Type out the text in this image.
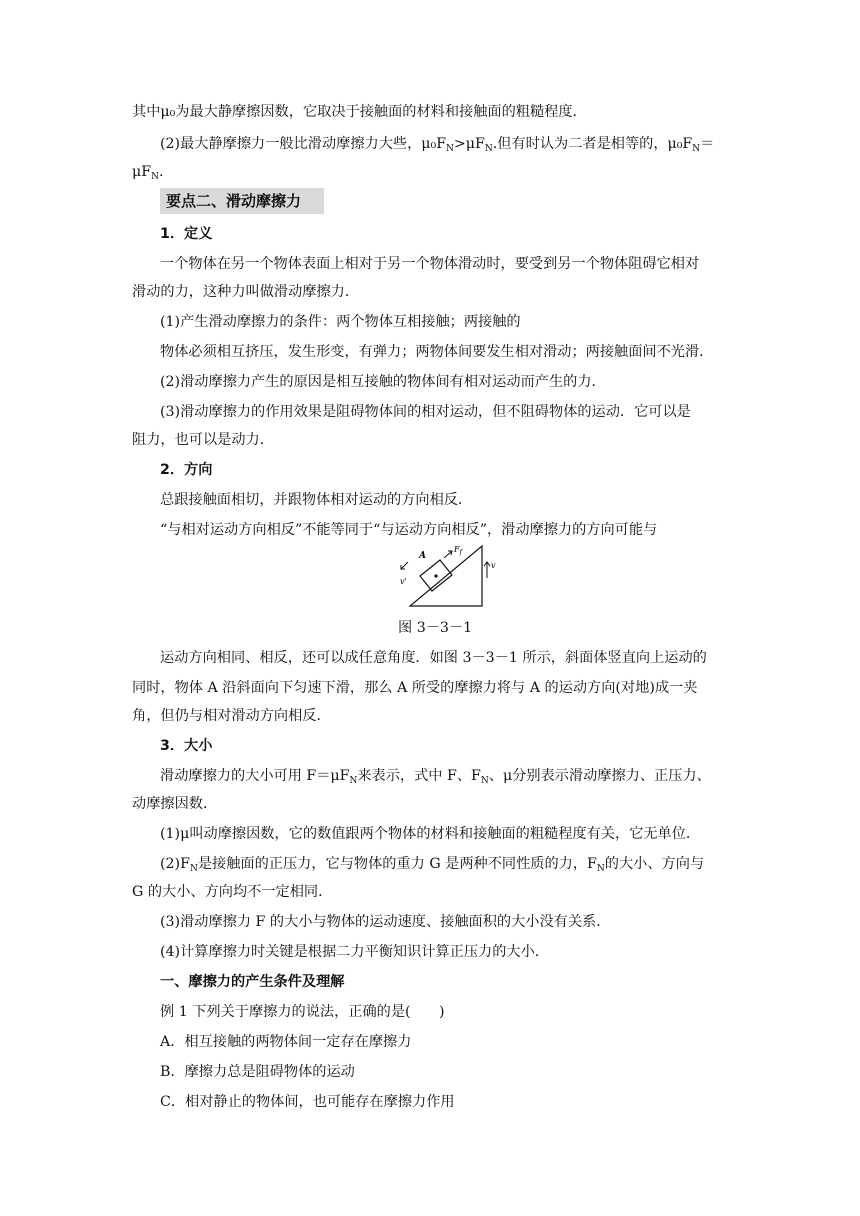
其中μ₀为最大静摩擦因数，它取决于接触面的材料和接触面的粗糙程度．
(2)最大静摩擦力一般比滑动摩擦力大些，$\mu_0F_N>\mu F_N$.但有时认为二者是相等的，$\mu_0F_N=$
$\mu F_N$.
要点二、滑动摩擦力
1．定义
一个物体在另一个物体表面上相对于另一个物体滑动时，要受到另一个物体阻碍它相对
滑动的力，这种力叫做滑动摩擦力．
(1)产生滑动摩擦力的条件：两个物体互相接触；两接触的
物体必须相互挤压，发生形变，有弹力；两物体间要发生相对滑动；两接触面间不光滑．
(2)滑动摩擦力产生的原因是相互接触的物体间有相对运动而产生的力．
(3)滑动摩擦力的作用效果是阻碍物体间的相对运动，但不阻碍物体的运动．它可以是
阻力，也可以是动力．
2．方向
总跟接触面相切，并跟物体相对运动的方向相反．
“与相对运动方向相反”不能等同于“与运动方向相反”，滑动摩擦力的方向可能与
A
$F_f$
v
v'
图 3－3－1
运动方向相同、相反，还可以成任意角度．如图 3－3－1 所示，斜面体竖直向上运动的
同时，物体 A 沿斜面向下匀速下滑，那么 A 所受的摩擦力将与 A 的运动方向(对地)成一夹
角，但仍与相对滑动方向相反．
3．大小
滑动摩擦力的大小可用 $F=\mu F_N$来表示，式中 F、$F_N$、μ分别表示滑动摩擦力、正压力、
动摩擦因数．
(1)μ叫动摩擦因数，它的数值跟两个物体的材料和接触面的粗糙程度有关，它无单位．
$(2)F_N$是接触面的正压力，它与物体的重力 G 是两种不同性质的力，$F_N$的大小、方向与
G 的大小、方向均不一定相同．
(3)滑动摩擦力 F 的大小与物体的运动速度、接触面积的大小没有关系．
(4)计算摩擦力时关键是根据二力平衡知识计算正压力的大小．
一、摩擦力的产生条件及理解
例 1 下列关于摩擦力的说法，正确的是(　　)
A．相互接触的两物体间一定存在摩擦力
B．摩擦力总是阻碍物体的运动
C．相对静止的物体间，也可能存在摩擦力作用
